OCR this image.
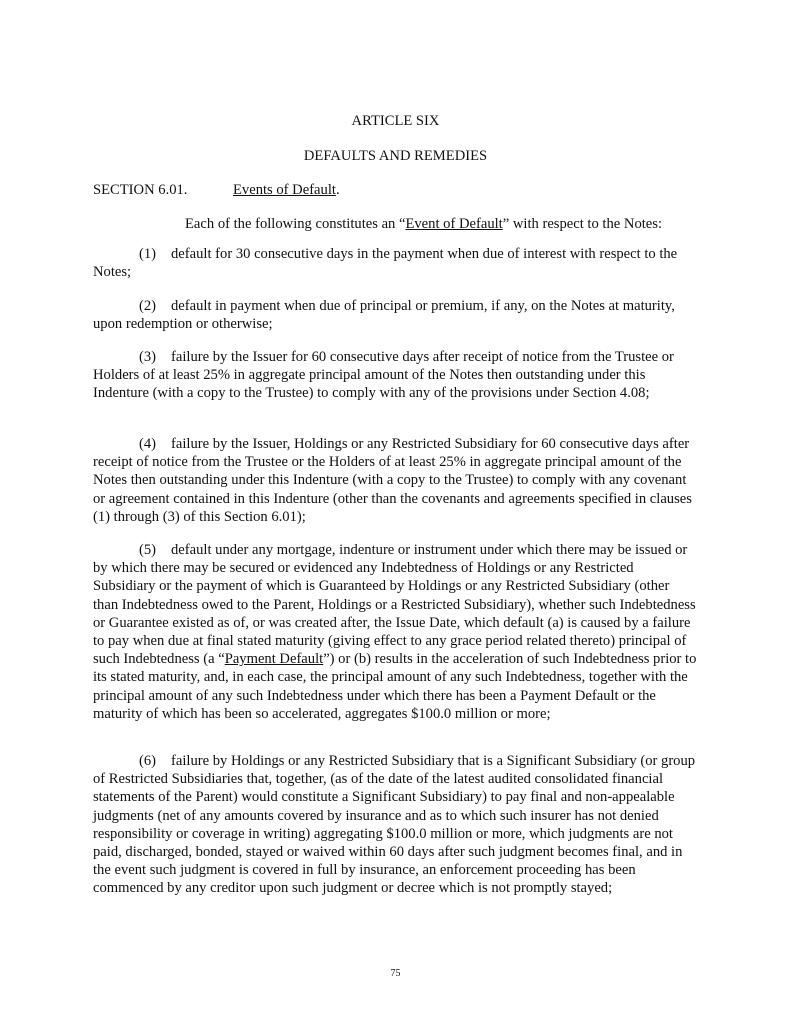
ARTICLE SIX
DEFAULTS AND REMEDIES
SECTION 6.01.	Events of Default.
Each of the following constitutes an “Event of Default” with respect to the Notes:
(1) default for 30 consecutive days in the payment when due of interest with respect to the Notes;
(2) default in payment when due of principal or premium, if any, on the Notes at maturity, upon redemption or otherwise;
(3) failure by the Issuer for 60 consecutive days after receipt of notice from the Trustee or Holders of at least 25% in aggregate principal amount of the Notes then outstanding under this Indenture (with a copy to the Trustee) to comply with any of the provisions under Section 4.08;
(4) failure by the Issuer, Holdings or any Restricted Subsidiary for 60 consecutive days after receipt of notice from the Trustee or the Holders of at least 25% in aggregate principal amount of the Notes then outstanding under this Indenture (with a copy to the Trustee) to comply with any covenant or agreement contained in this Indenture (other than the covenants and agreements specified in clauses (1) through (3) of this Section 6.01);
(5) default under any mortgage, indenture or instrument under which there may be issued or by which there may be secured or evidenced any Indebtedness of Holdings or any Restricted Subsidiary or the payment of which is Guaranteed by Holdings or any Restricted Subsidiary (other than Indebtedness owed to the Parent, Holdings or a Restricted Subsidiary), whether such Indebtedness or Guarantee existed as of, or was created after, the Issue Date, which default (a) is caused by a failure to pay when due at final stated maturity (giving effect to any grace period related thereto) principal of such Indebtedness (a “Payment Default”) or (b) results in the acceleration of such Indebtedness prior to its stated maturity, and, in each case, the principal amount of any such Indebtedness, together with the principal amount of any such Indebtedness under which there has been a Payment Default or the maturity of which has been so accelerated, aggregates $100.0 million or more;
(6) failure by Holdings or any Restricted Subsidiary that is a Significant Subsidiary (or group of Restricted Subsidiaries that, together, (as of the date of the latest audited consolidated financial statements of the Parent) would constitute a Significant Subsidiary) to pay final and non-appealable judgments (net of any amounts covered by insurance and as to which such insurer has not denied responsibility or coverage in writing) aggregating $100.0 million or more, which judgments are not paid, discharged, bonded, stayed or waived within 60 days after such judgment becomes final, and in the event such judgment is covered in full by insurance, an enforcement proceeding has been commenced by any creditor upon such judgment or decree which is not promptly stayed;
75
